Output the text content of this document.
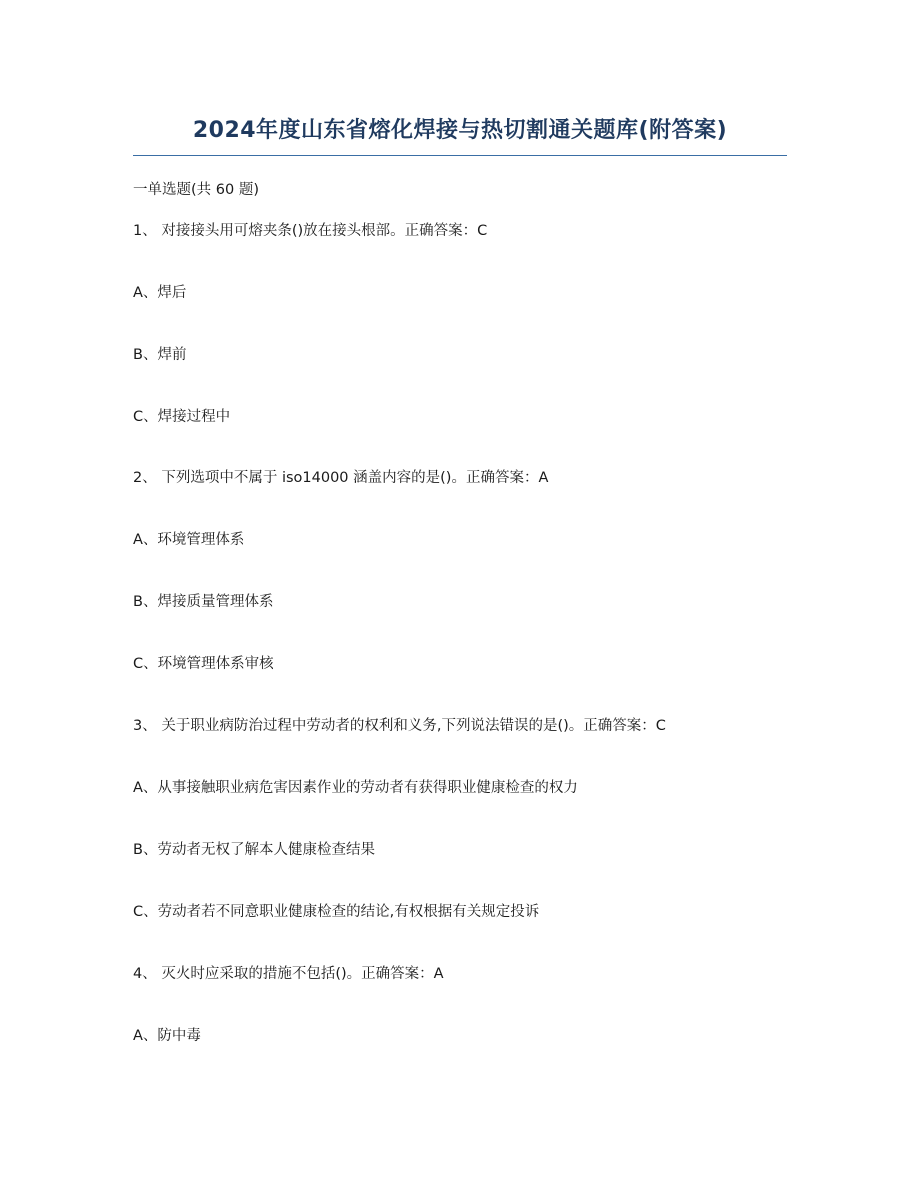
2024年度山东省熔化焊接与热切割通关题库(附答案)
一单选题(共 60 题)
1、 对接接头用可熔夹条()放在接头根部。正确答案：C
A、焊后
B、焊前
C、焊接过程中
2、 下列选项中不属于 iso14000 涵盖内容的是()。正确答案：A
A、环境管理体系
B、焊接质量管理体系
C、环境管理体系审核
3、 关于职业病防治过程中劳动者的权利和义务,下列说法错误的是()。正确答案：C
A、从事接触职业病危害因素作业的劳动者有获得职业健康检查的权力
B、劳动者无权了解本人健康检查结果
C、劳动者若不同意职业健康检查的结论,有权根据有关规定投诉
4、 灭火时应采取的措施不包括()。正确答案：A
A、防中毒
